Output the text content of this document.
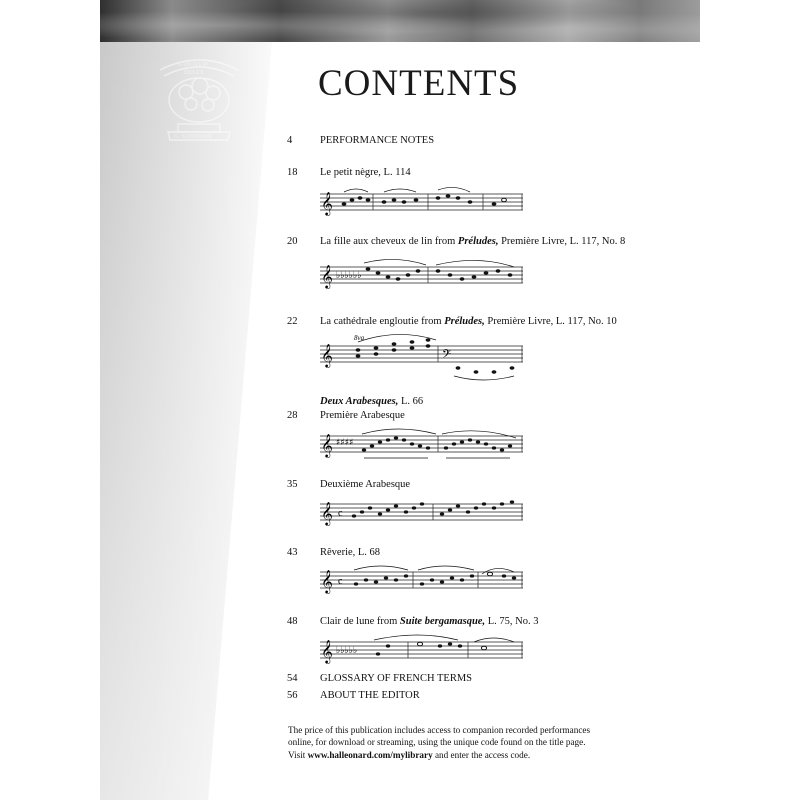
LABORUM
DULCE
G. SCHIRMER
CONTENTS
4	PERFORMANCE NOTES
18 Le petit nègre, L. 114
𝄞
20 La fille aux cheveux de lin from Préludes, Première Livre, L. 117, No. 8
𝄞 ♭♭♭♭♭♭
22 La cathédrale engloutie from Préludes, Première Livre, L. 117, No. 10
𝄞
8va
𝄢
Deux Arabesques, L. 66
28 Première Arabesque
𝄞 ♯♯♯♯
35 Deuxième Arabesque
𝄞 c
43 Rêverie, L. 68
𝄞 c
48 Clair de lune from Suite bergamasque, L. 75, No. 3
𝄞 ♭♭♭♭♭
54 GLOSSARY OF FRENCH TERMS
56 ABOUT THE EDITOR
The price of this publication includes access to companion recorded performances
online, for download or streaming, using the unique code found on the title page.
Visit www.halleonard.com/mylibrary and enter the access code.
